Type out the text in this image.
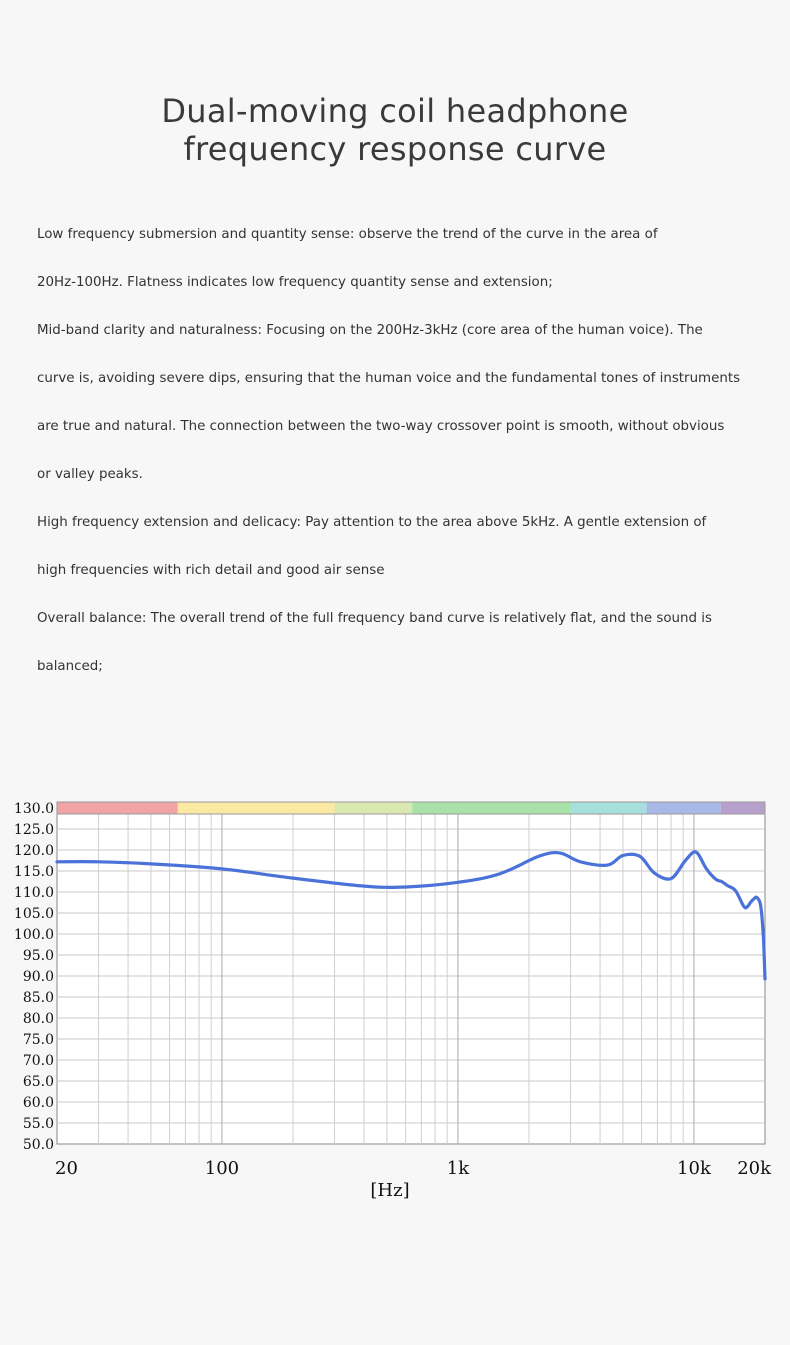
Dual-moving coil headphone
frequency response curve

Low frequency submersion and quantity sense: observe the trend of the curve in the area of

20Hz-100Hz. Flatness indicates low frequency quantity sense and extension;

Mid-band clarity and naturalness: Focusing on the 200Hz-3kHz (core area of the human voice). The

curve is, avoiding severe dips, ensuring that the human voice and the fundamental tones of instruments

are true and natural. The connection between the two-way crossover point is smooth, without obvious

or valley peaks.

High frequency extension and delicacy: Pay attention to the area above 5kHz. A gentle extension of

high frequencies with rich detail and good air sense

Overall balance: The overall trend of the full frequency band curve is relatively flat, and the sound is

balanced;

50.0
55.0
60.0
65.0
70.0
75.0
80.0
85.0
90.0
95.0
100.0
105.0
110.0
115.0
120.0
125.0
130.0
20	100	1k	10k 20k
[Hz]
